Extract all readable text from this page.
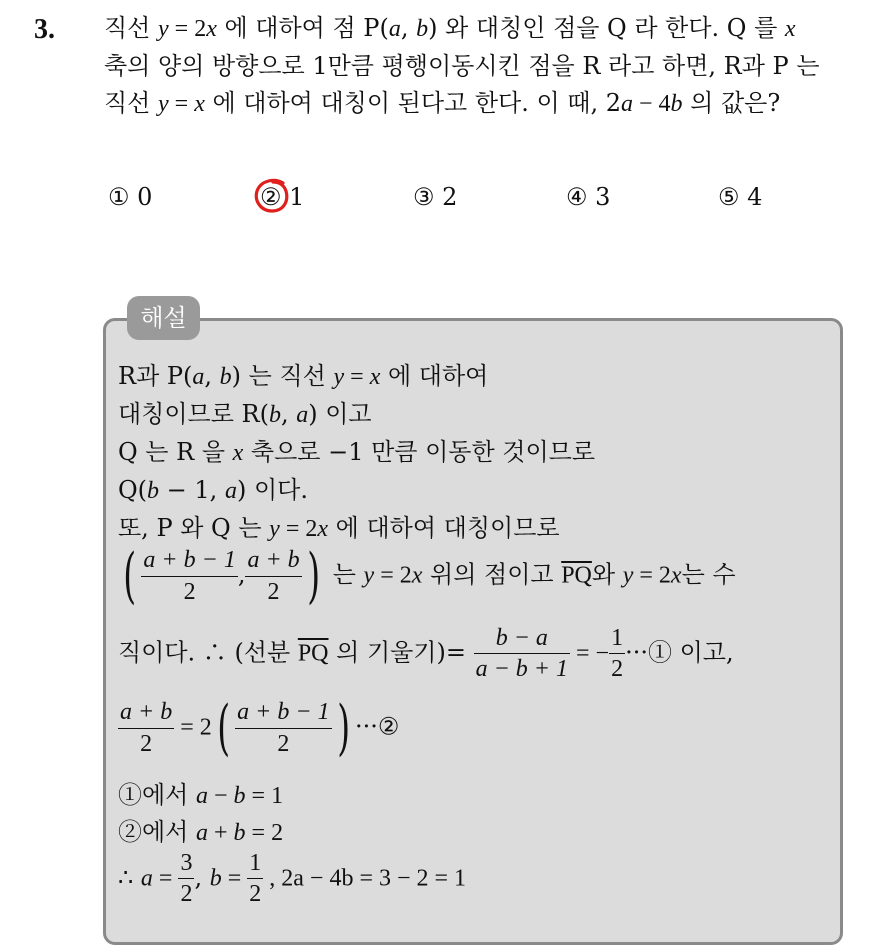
3. 직선 y = 2x 에 대하여 점 P(a, b) 와 대칭인 점을 Q 라 한다. Q 를 x
축의 양의 방향으로 1만큼 평행이동시킨 점을 R 라고 하면, R과 P 는
직선 y = x 에 대하여 대칭이 된다고 한다. 이 때, 2a − 4b 의 값은?
① 0	② 1	③ 2	④ 3	⑤ 4
해설
R과 P(a, b) 는 직선 y = x 에 대하여
대칭이므로 R(b, a) 이고
Q 는 R 을 x 축으로 −1 만큼 이동한 것이므로
Q(b − 1, a) 이다.
또, P 와 Q 는 y = 2x 에 대하여 대칭이므로
( $\frac{a + b - 1}{2}$ , $\frac{a + b}{2}$ ) 는 y = 2x 위의 점이고 $\overline{PQ}$와 y = 2x는 수
직이다. ∴ (선분 $\overline{PQ}$ 의 기울기)= $\frac{b - a}{a - b + 1}$ = − $\frac{1}{2}$ ···① 이고,
$\frac{a + b}{2} = 2( \frac{a + b - 1}{2}$ ) ···②
①에서 a − b = 1
②에서 a + b = 2
∴ $a = \frac{3}{2}$ , $b = \frac{1}{2}$ , 2a − 4b = 3 − 2 = 1
